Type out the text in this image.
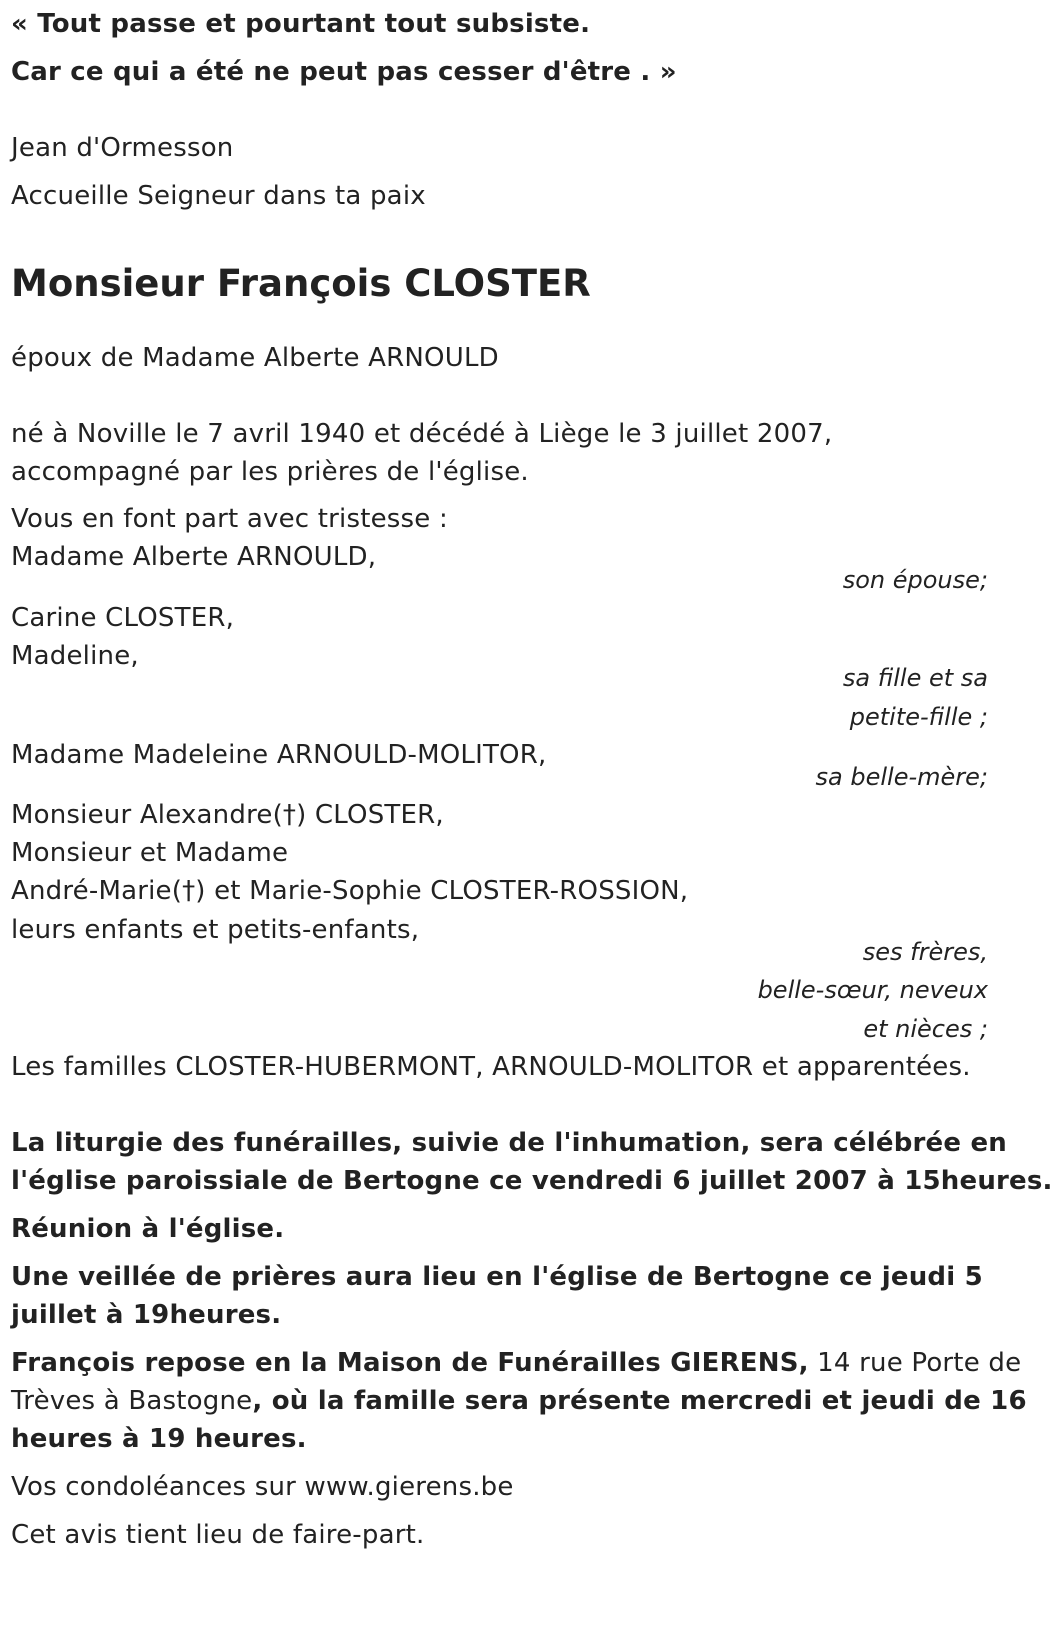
« Tout passe et pourtant tout subsiste.
Car ce qui a été ne peut pas cesser d'être . »
Jean d'Ormesson
Accueille Seigneur dans ta paix
Monsieur François CLOSTER
époux de Madame Alberte ARNOULD
né à Noville le 7 avril 1940 et décédé à Liège le 3 juillet 2007,
accompagné par les prières de l'église.
Vous en font part avec tristesse :
Madame Alberte ARNOULD,
son épouse;
Carine CLOSTER,
Madeline,
sa fille et sa
petite-fille ;
Madame Madeleine ARNOULD-MOLITOR,
sa belle-mère;
Monsieur Alexandre(†) CLOSTER,
Monsieur et Madame
André-Marie(†) et Marie-Sophie CLOSTER-ROSSION,
leurs enfants et petits-enfants,
ses frères,
belle-sœur, neveux
et nièces ;
Les familles CLOSTER-HUBERMONT, ARNOULD-MOLITOR et apparentées.
La liturgie des funérailles, suivie de l'inhumation, sera célébrée en
l'église paroissiale de Bertogne ce vendredi 6 juillet 2007 à 15heures.
Réunion à l'église.
Une veillée de prières aura lieu en l'église de Bertogne ce jeudi 5
juillet à 19heures.
François repose en la Maison de Funérailles GIERENS, 14 rue Porte de
Trèves à Bastogne, où la famille sera présente mercredi et jeudi de 16
heures à 19 heures.
Vos condoléances sur www.gierens.be
Cet avis tient lieu de faire-part.
